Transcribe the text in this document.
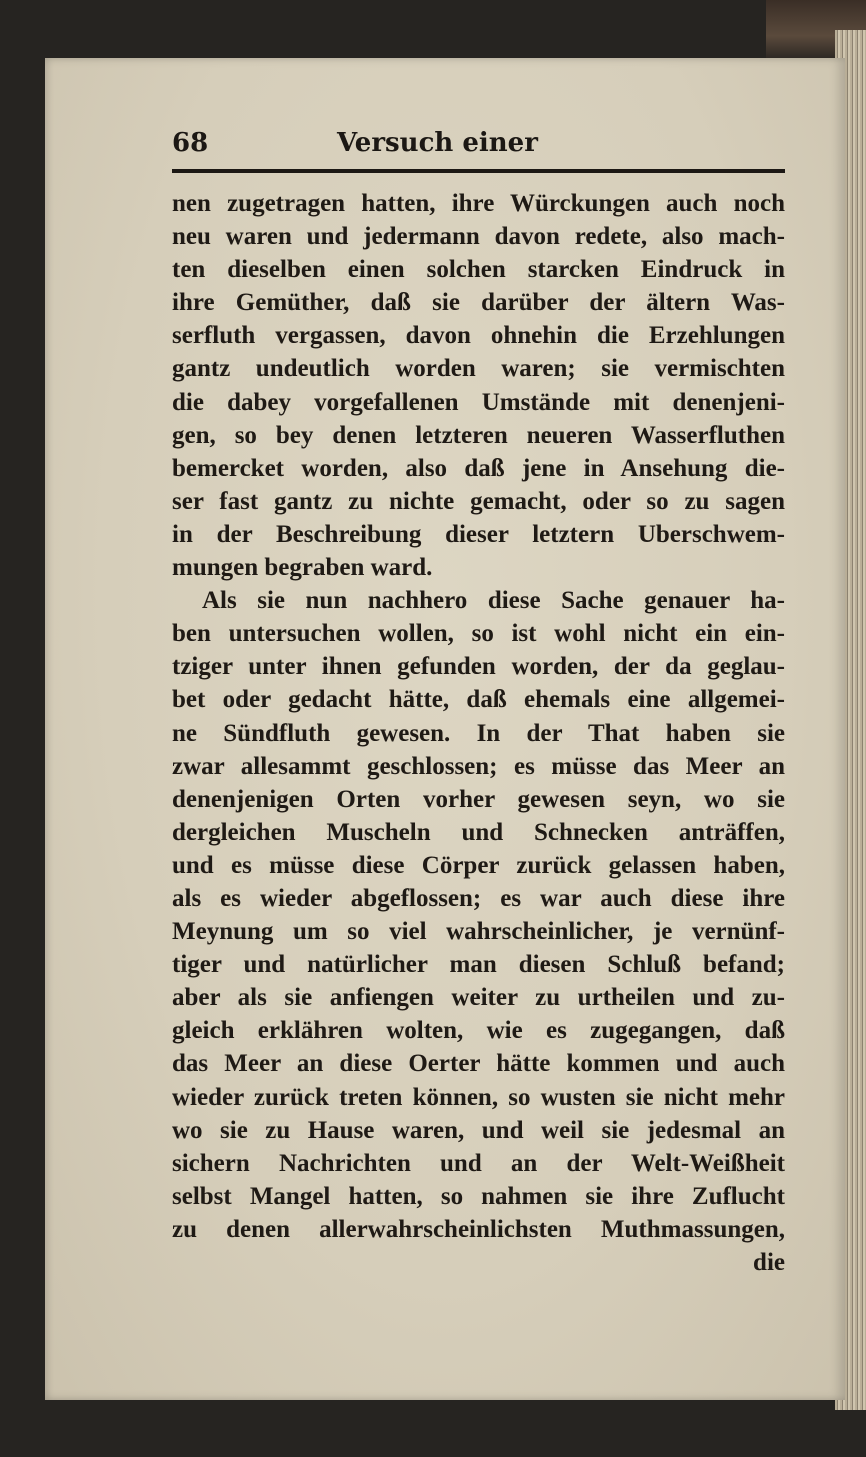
68	Versuch einer
nen zugetragen hatten, ihre Würckungen auch noch
neu waren und jedermann davon redete, also mach-
ten dieselben einen solchen starcken Eindruck in
ihre Gemüther, daß sie darüber der ältern Was-
serfluth vergassen, davon ohnehin die Erzehlungen
gantz undeutlich worden waren; sie vermischten
die dabey vorgefallenen Umstände mit denenjeni-
gen, so bey denen letzteren neueren Wasserfluthen
bemercket worden, also daß jene in Ansehung die-
ser fast gantz zu nichte gemacht, oder so zu sagen
in der Beschreibung dieser letztern Uberschwem-
mungen begraben ward.
Als sie nun nachhero diese Sache genauer ha-
ben untersuchen wollen, so ist wohl nicht ein ein-
tziger unter ihnen gefunden worden, der da geglau-
bet oder gedacht hätte, daß ehemals eine allgemei-
ne Sündfluth gewesen. In der That haben sie
zwar allesammt geschlossen; es müsse das Meer an
denenjenigen Orten vorher gewesen seyn, wo sie
dergleichen Muscheln und Schnecken anträffen,
und es müsse diese Cörper zurück gelassen haben,
als es wieder abgeflossen; es war auch diese ihre
Meynung um so viel wahrscheinlicher, je vernünf-
tiger und natürlicher man diesen Schluß befand;
aber als sie anfiengen weiter zu urtheilen und zu-
gleich erklähren wolten, wie es zugegangen, daß
das Meer an diese Oerter hätte kommen und auch
wieder zurück treten können, so wusten sie nicht mehr
wo sie zu Hause waren, und weil sie jedesmal an
sichern Nachrichten und an der Welt-Weißheit
selbst Mangel hatten, so nahmen sie ihre Zuflucht
zu denen allerwahrscheinlichsten Muthmassungen,
die
